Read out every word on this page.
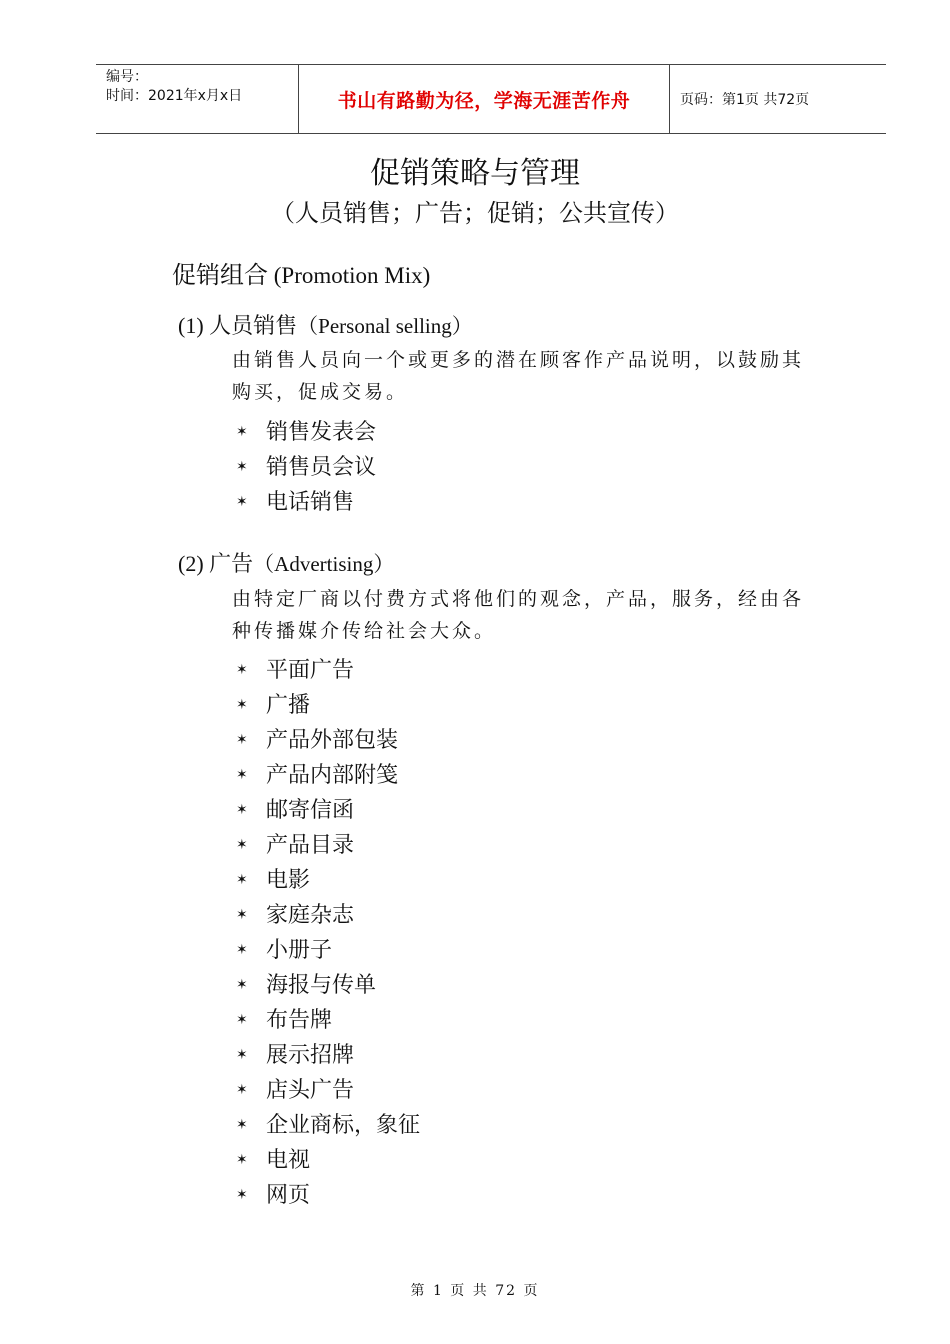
编号：
时间：2021年x月x日	书山有路勤为径，学海无涯苦作舟	页码：第1页 共72页
促销策略与管理
（人员销售；广告；促销；公共宣传）
促销组合 (Promotion Mix)
(1) 人员销售（Personal selling）
由销售人员向一个或更多的潜在顾客作产品说明，以鼓励其购买，促成交易。
✶ 销售发表会
✶ 销售员会议
✶ 电话销售
(2) 广告（Advertising）
由特定厂商以付费方式将他们的观念，产品，服务，经由各种传播媒介传给社会大众。
✶ 平面广告
✶ 广播
✶ 产品外部包装
✶ 产品内部附笺
✶ 邮寄信函
✶ 产品目录
✶ 电影
✶ 家庭杂志
✶ 小册子
✶ 海报与传单
✶ 布告牌
✶ 展示招牌
✶ 店头广告
✶ 企业商标，象征
✶ 电视
✶ 网页
第 1 页 共 72 页
